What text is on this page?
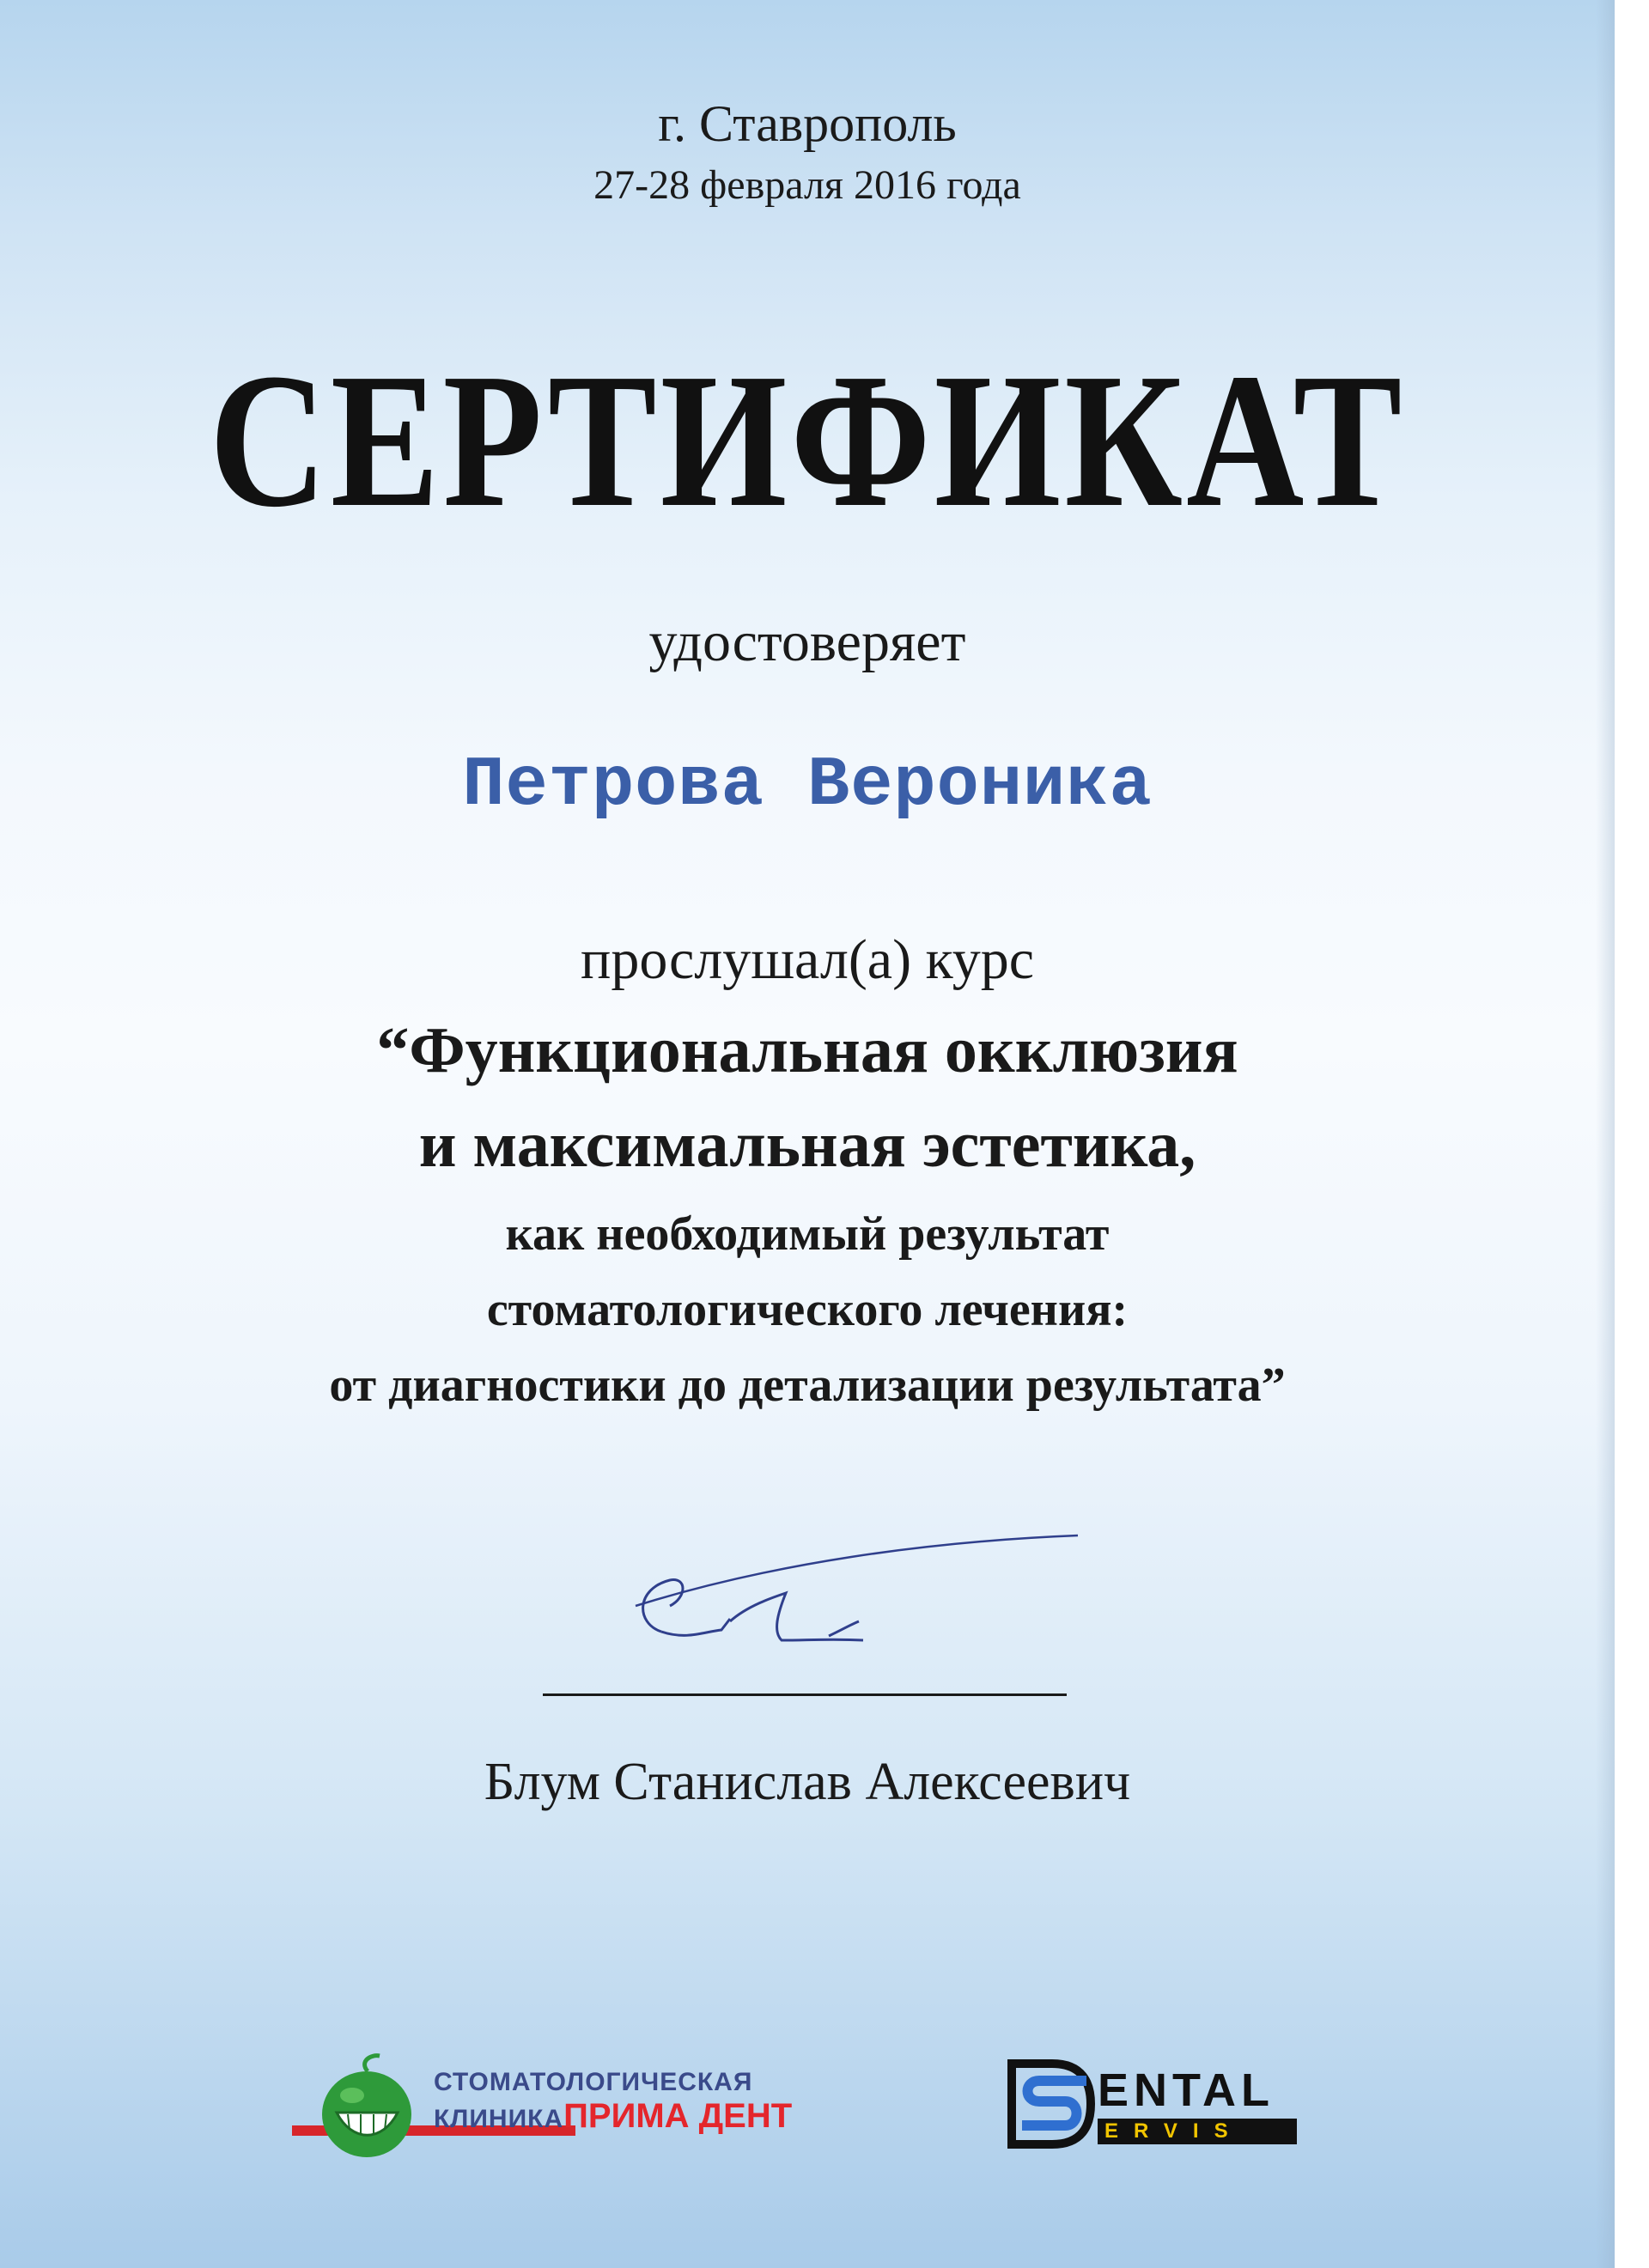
г. Ставрополь
27-28 февраля 2016 года
СЕРТИФИКАТ
удостоверяет
Петрова Вероника
прослушал(а) курс
“Функциональная окклюзия
и максимальная эстетика,
как необходимый результат
стоматологического лечения:
от диагностики до детализации результата”
Блум Станислав Алексеевич
СТОМАТОЛОГИЧЕСКАЯ
КЛИНИКАПРИМА ДЕНТ	ENTAL
ERVIS
